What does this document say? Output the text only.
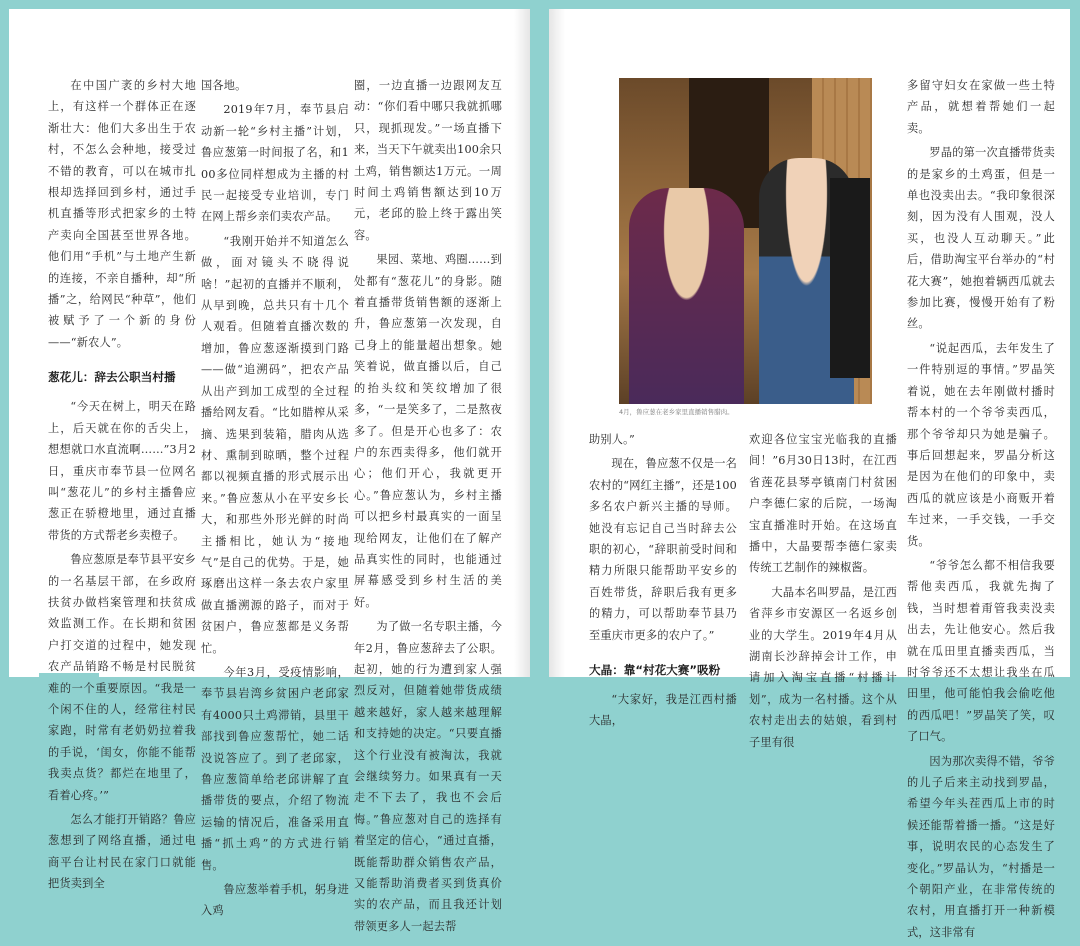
在中国广袤的乡村大地上，有这样一个群体正在逐渐壮大：他们大多出生于农村，不怎么会种地，接受过不错的教育，可以在城市扎根却选择回到乡村，通过手机直播等形式把家乡的土特产卖向全国甚至世界各地。他们用“手机”与土地产生新的连接，不亲自播种，却“所播”之，给网民“种草”，他们被赋予了一个新的身份——“新农人”。

葱花儿：辞去公职当村播

“今天在树上，明天在路上，后天就在你的舌尖上，想想就口水直流啊……”3月2日，重庆市奉节县一位网名叫“葱花儿”的乡村主播鲁应葱正在骄橙地里，通过直播带货的方式帮老乡卖橙子。

鲁应葱原是奉节县平安乡的一名基层干部，在乡政府扶贫办做档案管理和扶贫成效监测工作。在长期和贫困户打交道的过程中，她发现农产品销路不畅是村民脱贫难的一个重要原因。“我是一个闲不住的人，经常往村民家跑，时常有老奶奶拉着我的手说，‘闺女，你能不能帮我卖点货？都烂在地里了，看着心疼。’”

怎么才能打开销路？鲁应葱想到了网络直播，通过电商平台让村民在家门口就能把货卖到全

国各地。

2019年7月，奉节县启动新一轮“乡村主播”计划，鲁应葱第一时间报了名，和100多位同样想成为主播的村民一起接受专业培训，专门在网上帮乡亲们卖农产品。

“我刚开始并不知道怎么做，面对镜头不晓得说啥！”起初的直播并不顺利，从早到晚，总共只有十几个人观看。但随着直播次数的增加，鲁应葱逐渐摸到门路——做“追溯码”，把农产品从出产到加工成型的全过程播给网友看。“比如腊榨从采摘、选果到装箱，腊肉从选材、熏制到晾晒，整个过程都以视频直播的形式展示出来。”鲁应葱从小在平安乡长大，和那些外形光鲜的时尚主播相比，她认为“接地气”是自己的优势。于是，她琢磨出这样一条去农户家里做直播溯源的路子，而对于贫困户，鲁应葱都是义务帮忙。

今年3月，受疫情影响，奉节县岩湾乡贫困户老邱家有4000只土鸡滞销，县里干部找到鲁应葱帮忙，她二话没说答应了。到了老邱家，鲁应葱简单给老邱讲解了直播带货的要点，介绍了物流运输的情况后，准备采用直播“抓土鸡”的方式进行销售。

鲁应葱举着手机，躬身进入鸡

圈，一边直播一边跟网友互动：“你们看中哪只我就抓哪只，现抓现发。”一场直播下来，当天下午就卖出100余只土鸡，销售额达1万元。一周时间土鸡销售额达到10万元，老邱的脸上终于露出笑容。

果园、菜地、鸡圈……到处都有“葱花儿”的身影。随着直播带货销售额的逐渐上升，鲁应葱第一次发现，自己身上的能量超出想象。她笑着说，做直播以后，自己的抬头纹和笑纹增加了很多，“一是笑多了，二是熬夜多了。但是开心也多了：农户的东西卖得多，他们就开心；他们开心，我就更开心。”鲁应葱认为，乡村主播可以把乡村最真实的一面呈现给网友，让他们在了解产品真实性的同时，也能通过屏幕感受到乡村生活的美好。

为了做一名专职主播，今年2月，鲁应葱辞去了公职。起初，她的行为遭到家人强烈反对，但随着她带货成绩越来越好，家人越来越理解和支持她的决定。“只要直播这个行业没有被淘汰，我就会继续努力。如果真有一天走不下去了，我也不会后悔。”鲁应葱对自己的选择有着坚定的信心，“通过直播，既能帮助群众销售农产品，又能帮助消费者买到货真价实的农产品，而且我还计划带领更多人一起去帮

4月，鲁应葱在老乡家里直播销售腊肉。

助别人。”

现在，鲁应葱不仅是一名农村的“网红主播”，还是100多名农户新兴主播的导师。她没有忘记自己当时辞去公职的初心，“辞职前受时间和精力所限只能帮助平安乡的百姓带货，辞职后我有更多的精力，可以帮助奉节县乃至重庆市更多的农户了。”

大晶：靠“村花大赛”吸粉

“大家好，我是江西村播大晶，

欢迎各位宝宝光临我的直播间！”6月30日13时，在江西省莲花县琴亭镇南门村贫困户李德仁家的后院，一场淘宝直播准时开始。在这场直播中，大晶要帮李德仁家卖传统工艺制作的辣椒酱。

大晶本名叫罗晶，是江西省萍乡市安源区一名返乡创业的大学生。2019年4月从湖南长沙辞掉会计工作，申请加入淘宝直播“村播计划”，成为一名村播。这个从农村走出去的姑娘，看到村子里有很

多留守妇女在家做一些土特产品，就想着帮她们一起卖。

罗晶的第一次直播带货卖的是家乡的土鸡蛋，但是一单也没卖出去。“我印象很深刻，因为没有人围观，没人买，也没人互动聊天。”此后，借助淘宝平台举办的“村花大赛”，她抱着辆西瓜就去参加比赛，慢慢开始有了粉丝。

“说起西瓜，去年发生了一件特别逗的事情。”罗晶笑着说，她在去年刚做村播时帮本村的一个爷爷卖西瓜，那个爷爷却只为她是骗子。事后回想起来，罗晶分析这是因为在他们的印象中，卖西瓜的就应该是小商贩开着车过来，一手交钱，一手交货。

“爷爷怎么都不相信我要帮他卖西瓜，我就先掏了钱，当时想着甭管我卖没卖出去，先让他安心。然后我就在瓜田里直播卖西瓜，当时爷爷还不太想让我坐在瓜田里，他可能怕我会偷吃他的西瓜吧！”罗晶笑了笑，叹了口气。

因为那次卖得不错，爷爷的儿子后来主动找到罗晶，希望今年头茬西瓜上市的时候还能帮着播一播。“这是好事，说明农民的心态发生了变化。”罗晶认为，“村播是一个朝阳产业，在非常传统的农村，用直播打开一种新模式，这非常有
